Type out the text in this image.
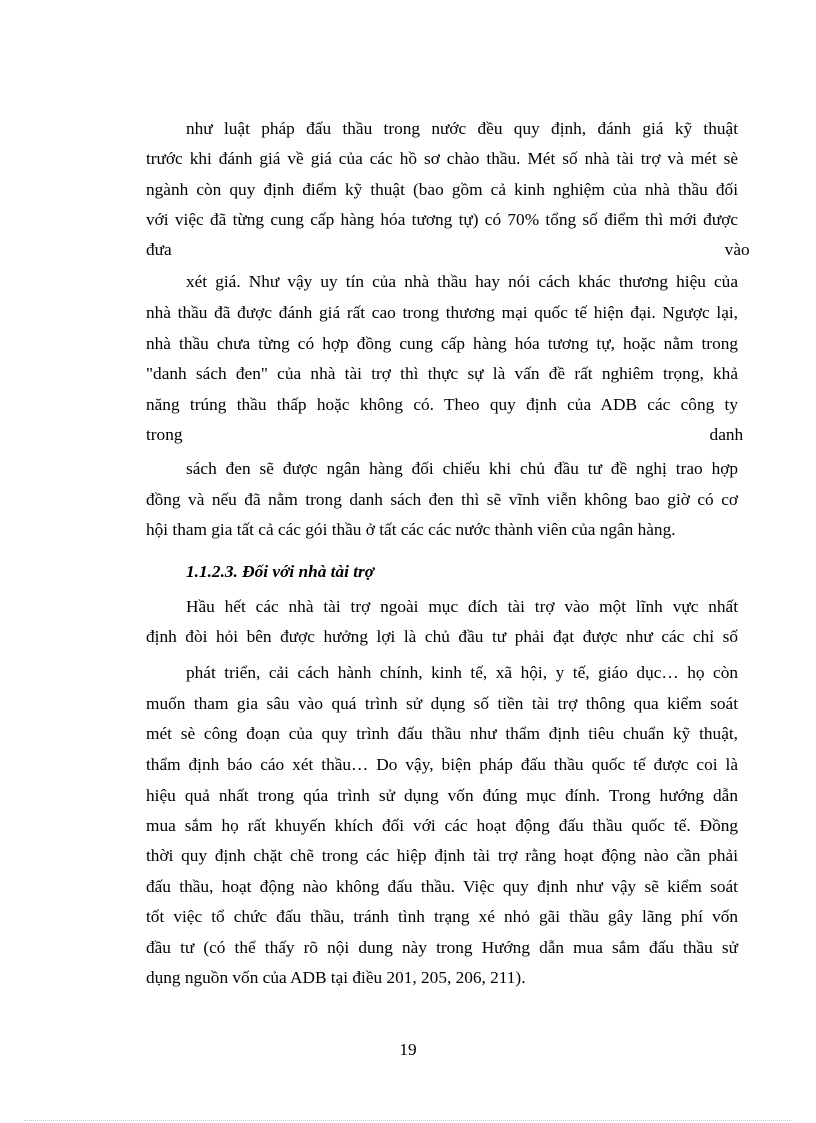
như luật pháp đấu thầu trong nước đều quy định, đánh giá kỹ thuật
trước khi đánh giá về giá của các hồ sơ chào thầu. Mét số nhà tài trợ và mét sè
ngành còn quy định điểm kỹ thuật (bao gồm cả kinh nghiệm của nhà thầu đối
với việc đã từng cung cấp hàng hóa tương tự) có 70% tổng số điểm thì mới được
đưa                                                                                                                                vào
xét giá. Như vậy uy tín của nhà thầu hay nói cách khác thương hiệu của
nhà thầu đã được đánh giá rất cao trong thương mại quốc tế hiện đại. Ngược lại,
nhà thầu chưa từng có hợp đồng cung cấp hàng hóa tương tự, hoặc nằm trong
"danh sách đen" của nhà tài trợ thì thực sự là vấn đề rất nghiêm trọng, khả
năng trúng thầu thấp hoặc không có. Theo quy định của ADB các công ty
trong                                                                                                                          danh
sách đen sẽ được ngân hàng đối chiếu khi chủ đầu tư đề nghị trao hợp
đồng và nếu đã nằm trong danh sách đen thì sẽ vĩnh viễn không bao giờ có cơ
hội tham gia tất cả các gói thầu ở tất các các nước thành viên của ngân hàng.
1.1.2.3. Đối với nhà tài trợ
Hầu hết các nhà tài trợ ngoài mục đích tài trợ vào một lĩnh vực nhất
định đòi hỏi bên được hưởng lợi là chủ đầu tư phải đạt được như các chỉ số
phát triển, cải cách hành chính, kinh tế, xã hội, y tế, giáo dục… họ còn
muốn tham gia sâu vào quá trình sử dụng số tiền tài trợ thông qua kiểm soát
mét sè công đoạn của quy trình đấu thầu như thẩm định tiêu chuẩn kỹ thuật,
thẩm định báo cáo xét thầu… Do vậy, biện pháp đấu thầu quốc tế được coi là
hiệu quả nhất trong qúa trình sử dụng vốn đúng mục đính. Trong hướng dẫn
mua sắm họ rất khuyến khích đối với các hoạt động đấu thầu quốc tế. Đồng
thời quy định chặt chẽ trong các hiệp định tài trợ rằng hoạt động nào cần phải
đấu thầu, hoạt động nào không đấu thầu. Việc quy định như vậy sẽ kiểm soát
tốt việc tổ chức đấu thầu, tránh tình trạng xé nhỏ gãi thầu gây lãng phí vốn
đầu tư (có thể thấy rõ nội dung này trong Hướng dẫn mua sắm đấu thầu sử
dụng nguồn vốn của ADB tại điều 201, 205, 206, 211).
19
